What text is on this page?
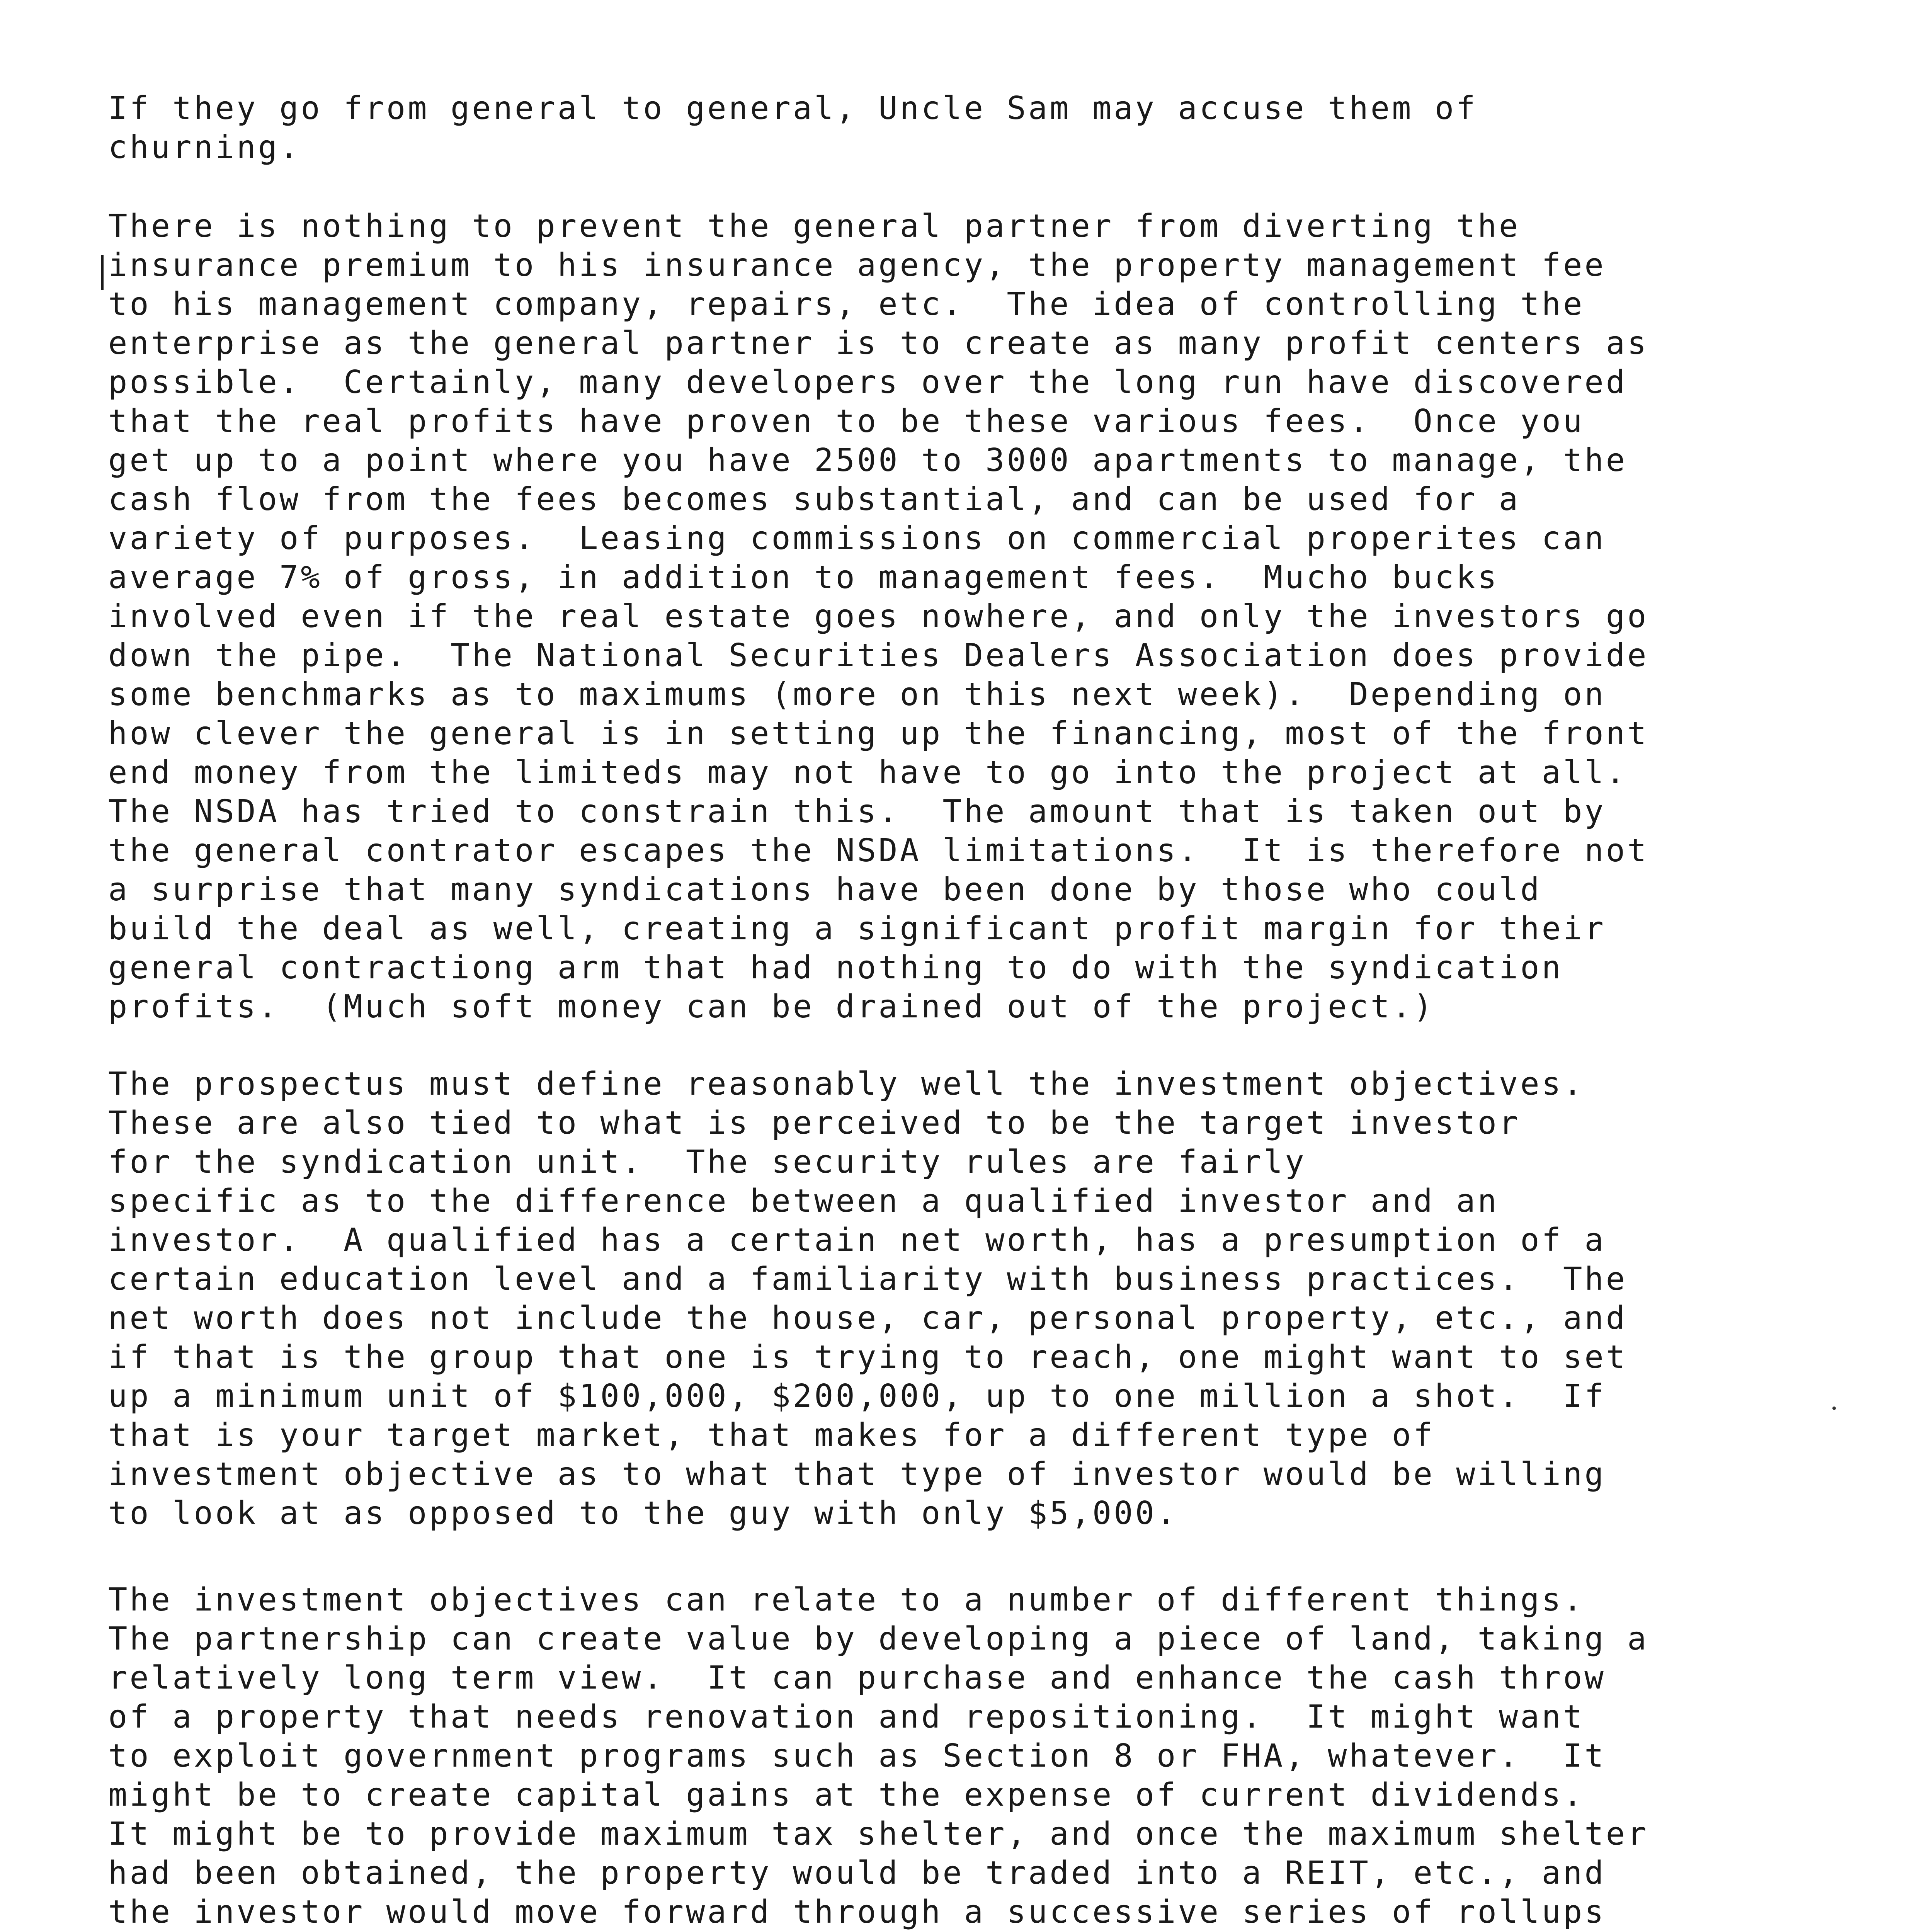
If they go from general to general, Uncle Sam may accuse them of
churning.

There is nothing to prevent the general partner from diverting the
insurance premium to his insurance agency, the property management fee
to his management company, repairs, etc.  The idea of controlling the
enterprise as the general partner is to create as many profit centers as
possible.  Certainly, many developers over the long run have discovered
that the real profits have proven to be these various fees.  Once you
get up to a point where you have 2500 to 3000 apartments to manage, the
cash flow from the fees becomes substantial, and can be used for a
variety of purposes.  Leasing commissions on commercial properites can
average 7% of gross, in addition to management fees.  Mucho bucks
involved even if the real estate goes nowhere, and only the investors go
down the pipe.  The National Securities Dealers Association does provide
some benchmarks as to maximums (more on this next week).  Depending on
how clever the general is in setting up the financing, most of the front
end money from the limiteds may not have to go into the project at all.
The NSDA has tried to constrain this.  The amount that is taken out by
the general contrator escapes the NSDA limitations.  It is therefore not
a surprise that many syndications have been done by those who could
build the deal as well, creating a significant profit margin for their
general contractiong arm that had nothing to do with the syndication
profits.  (Much soft money can be drained out of the project.)

The prospectus must define reasonably well the investment objectives.
These are also tied to what is perceived to be the target investor
for the syndication unit.  The security rules are fairly
specific as to the difference between a qualified investor and an
investor.  A qualified has a certain net worth, has a presumption of a
certain education level and a familiarity with business practices.  The
net worth does not include the house, car, personal property, etc., and
if that is the group that one is trying to reach, one might want to set
up a minimum unit of $100,000, $200,000, up to one million a shot.  If
that is your target market, that makes for a different type of
investment objective as to what that type of investor would be willing
to look at as opposed to the guy with only $5,000.

The investment objectives can relate to a number of different things.
The partnership can create value by developing a piece of land, taking a
relatively long term view.  It can purchase and enhance the cash throw
of a property that needs renovation and repositioning.  It might want
to exploit government programs such as Section 8 or FHA, whatever.  It
might be to create capital gains at the expense of current dividends.
It might be to provide maximum tax shelter, and once the maximum shelter
had been obtained, the property would be traded into a REIT, etc., and
the investor would move forward through a successive series of rollups
